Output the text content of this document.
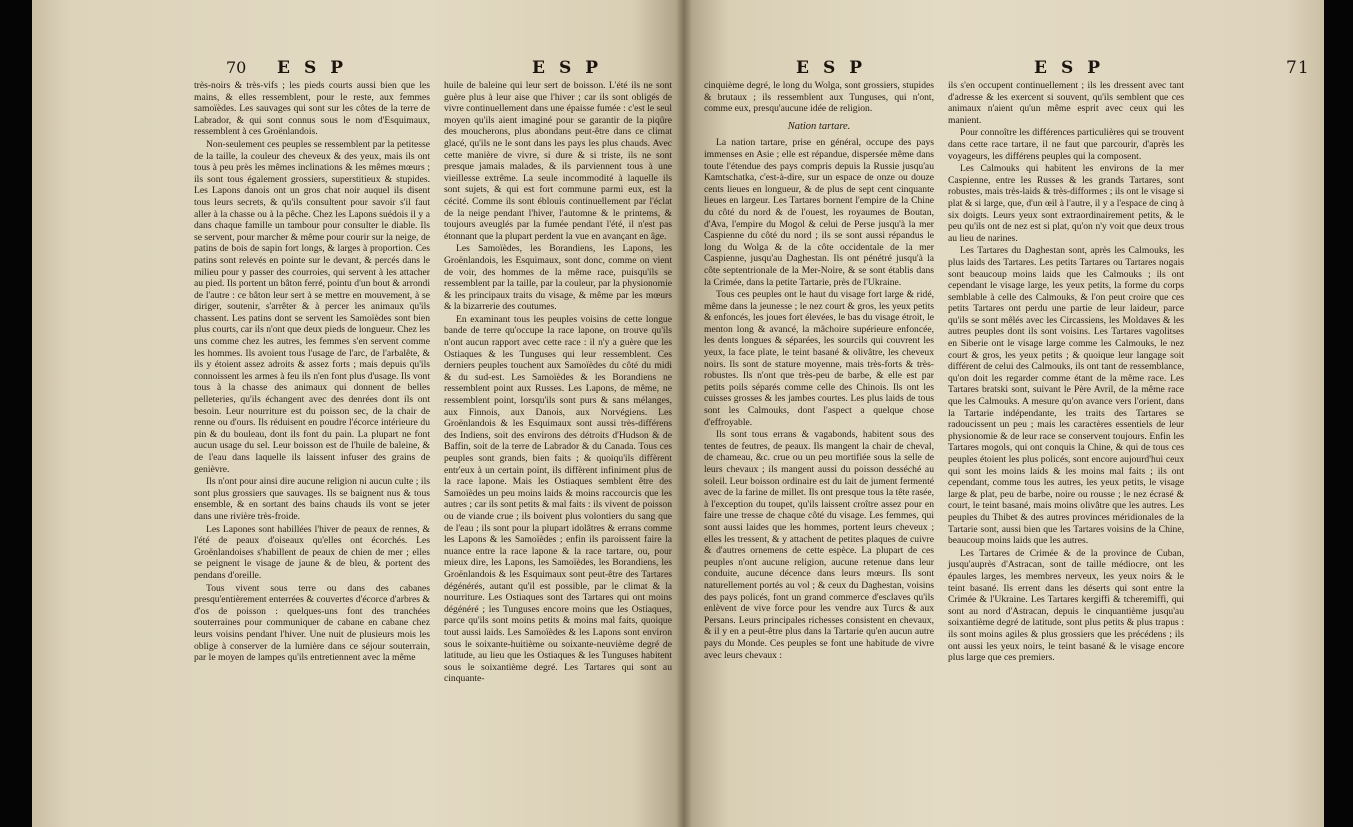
70 ESP	ESP

très-noirs & très-vifs ; les pieds courts aussi bien que les mains, & elles ressemblent, pour le reste, aux femmes samoïèdes. Les sauvages qui sont sur les côtes de la terre de Labrador, & qui sont connus sous le nom d'Esquimaux, ressemblent à ces Groënlandois.

Non-seulement ces peuples se ressemblent par la petitesse de la taille, la couleur des cheveux & des yeux, mais ils ont tous à peu près les mêmes inclinations & les mêmes mœurs ; ils sont tous également grossiers, superstitieux & stupides. Les Lapons danois ont un gros chat noir auquel ils disent tous leurs secrets, & qu'ils consultent pour savoir s'il faut aller à la chasse ou à la pêche. Chez les Lapons suédois il y a dans chaque famille un tambour pour consulter le diable. Ils se servent, pour marcher & même pour courir sur la neige, de patins de bois de sapin fort longs, & larges à proportion. Ces patins sont relevés en pointe sur le devant, & percés dans le milieu pour y passer des courroies, qui servent à les attacher au pied. Ils portent un bâton ferré, pointu d'un bout & arrondi de l'autre : ce bâton leur sert à se mettre en mouvement, à se diriger, soutenir, s'arrêter & à percer les animaux qu'ils chassent. Les patins dont se servent les Samoïèdes sont bien plus courts, car ils n'ont que deux pieds de longueur. Chez les uns comme chez les autres, les femmes s'en servent comme les hommes. Ils avoient tous l'usage de l'arc, de l'arbalête, & ils y étoient assez adroits & assez forts ; mais depuis qu'ils connoissent les armes à feu ils n'en font plus d'usage. Ils vont tous à la chasse des animaux qui donnent de belles pelleteries, qu'ils échangent avec des denrées dont ils ont besoin. Leur nourriture est du poisson sec, de la chair de renne ou d'ours. Ils réduisent en poudre l'écorce intérieure du pin & du bouleau, dont ils font du pain. La plupart ne font aucun usage du sel. Leur boisson est de l'huile de baleine, & de l'eau dans laquelle ils laissent infuser des grains de genièvre.

Ils n'ont pour ainsi dire aucune religion ni aucun culte ; ils sont plus grossiers que sauvages. Ils se baignent nus & tous ensemble, & en sortant des bains chauds ils vont se jeter dans une rivière très-froide.

Les Lapones sont habillées l'hiver de peaux de rennes, & l'été de peaux d'oiseaux qu'elles ont écorchés. Les Groënlandoises s'habillent de peaux de chien de mer ; elles se peignent le visage de jaune & de bleu, & portent des pendans d'oreille.

Tous vivent sous terre ou dans des cabanes presqu'entièrement enterrées & couvertes d'écorce d'arbres & d'os de poisson : quelques-uns font des tranchées souterraines pour communiquer de cabane en cabane chez leurs voisins pendant l'hiver. Une nuit de plusieurs mois les oblige à conserver de la lumière dans ce séjour souterrain, par le moyen de lampes qu'ils entretiennent avec la même

huile de baleine qui leur sert de boisson. L'été ils ne sont guère plus à leur aise que l'hiver ; car ils sont obligés de vivre continuellement dans une épaisse fumée : c'est le seul moyen qu'ils aient imaginé pour se garantir de la piqûre des moucherons, plus abondans peut-être dans ce climat glacé, qu'ils ne le sont dans les pays les plus chauds. Avec cette manière de vivre, si dure & si triste, ils ne sont presque jamais malades, & ils parviennent tous à une vieillesse extrême. La seule incommodité à laquelle ils sont sujets, & qui est fort commune parmi eux, est la cécité. Comme ils sont éblouis continuellement par l'éclat de la neige pendant l'hiver, l'automne & le printems, & toujours aveuglés par la fumée pendant l'été, il n'est pas étonnant que la plupart perdent la vue en avançant en âge.

Les Samoïèdes, les Borandiens, les Lapons, les Groënlandois, les Esquimaux, sont donc, comme on vient de voir, des hommes de la même race, puisqu'ils se ressemblent par la taille, par la couleur, par la physionomie & les principaux traits du visage, & même par les mœurs & la bizarrerie des coutumes.

En examinant tous les peuples voisins de cette longue bande de terre qu'occupe la race lapone, on trouve qu'ils n'ont aucun rapport avec cette race : il n'y a guère que les Ostiaques & les Tunguses qui leur ressemblent. Ces derniers peuples touchent aux Samoïèdes du côté du midi & du sud-est. Les Samoïèdes & les Borandiens ne ressemblent point aux Russes. Les Lapons, de même, ne ressemblent point, lorsqu'ils sont purs & sans mélanges, aux Finnois, aux Danois, aux Norvégiens. Les Groënlandois & les Esquimaux sont aussi très-différens des Indiens, soit des environs des détroits d'Hudson & de Baffin, soit de la terre de Labrador & du Canada. Tous ces peuples sont grands, bien faits ; & quoiqu'ils diffèrent entr'eux à un certain point, ils diffèrent infiniment plus de la race lapone. Mais les Ostiaques semblent être des Samoïèdes un peu moins laids & moins raccourcis que les autres ; car ils sont petits & mal faits : ils vivent de poisson ou de viande crue ; ils boivent plus volontiers du sang que de l'eau ; ils sont pour la plupart idolâtres & errans comme les Lapons & les Samoïèdes ; enfin ils paroissent faire la nuance entre la race lapone & la race tartare, ou, pour mieux dire, les Lapons, les Samoïèdes, les Borandiens, les Groënlandois & les Esquimaux sont peut-être des Tartares dégénérés, autant qu'il est possible, par le climat & la nourriture. Les Ostiaques sont des Tartares qui ont moins dégénéré ; les Tunguses encore moins que les Ostiaques, parce qu'ils sont moins petits & moins mal faits, quoique tout aussi laids. Les Samoïèdes & les Lapons sont environ sous le soixante-huitième ou soixante-neuvième degré de latitude, au lieu que les Ostiaques & les Tunguses habitent sous le soixantième degré. Les Tartares qui sont au cinquante-

ESP	ESP	71

cinquième degré, le long du Wolga, sont grossiers, stupides & brutaux ; ils ressemblent aux Tunguses, qui n'ont, comme eux, presqu'aucune idée de religion.

Nation tartare.

La nation tartare, prise en général, occupe des pays immenses en Asie ; elle est répandue, dispersée même dans toute l'étendue des pays compris depuis la Russie jusqu'au Kamtschatka, c'est-à-dire, sur un espace de onze ou douze cents lieues en longueur, & de plus de sept cent cinquante lieues en largeur. Les Tartares bornent l'empire de la Chine du côté du nord & de l'ouest, les royaumes de Boutan, d'Ava, l'empire du Mogol & celui de Perse jusqu'à la mer Caspienne du côté du nord ; ils se sont aussi répandus le long du Wolga & de la côte occidentale de la mer Caspienne, jusqu'au Daghestan. Ils ont pénétré jusqu'à la côte septentrionale de la Mer-Noire, & se sont établis dans la Crimée, dans la petite Tartarie, près de l'Ukraine.

Tous ces peuples ont le haut du visage fort large & ridé, même dans la jeunesse ; le nez court & gros, les yeux petits & enfoncés, les joues fort élevées, le bas du visage étroit, le menton long & avancé, la mâchoire supérieure enfoncée, les dents longues & séparées, les sourcils qui couvrent les yeux, la face plate, le teint basané & olivâtre, les cheveux noirs. Ils sont de stature moyenne, mais très-forts & très-robustes. Ils n'ont que très-peu de barbe, & elle est par petits poils séparés comme celle des Chinois. Ils ont les cuisses grosses & les jambes courtes. Les plus laids de tous sont les Calmouks, dont l'aspect a quelque chose d'effroyable.

Ils sont tous errans & vagabonds, habitent sous des tentes de feutres, de peaux. Ils mangent la chair de cheval, de chameau, &c. crue ou un peu mortifiée sous la selle de leurs chevaux ; ils mangent aussi du poisson desséché au soleil. Leur boisson ordinaire est du lait de jument fermenté avec de la farine de millet. Ils ont presque tous la tête rasée, à l'exception du toupet, qu'ils laissent croître assez pour en faire une tresse de chaque côté du visage. Les femmes, qui sont aussi laides que les hommes, portent leurs cheveux ; elles les tressent, & y attachent de petites plaques de cuivre & d'autres ornemens de cette espèce. La plupart de ces peuples n'ont aucune religion, aucune retenue dans leur conduite, aucune décence dans leurs mœurs. Ils sont naturellement portés au vol ; & ceux du Daghestan, voisins des pays policés, font un grand commerce d'esclaves qu'ils enlèvent de vive force pour les vendre aux Turcs & aux Persans. Leurs principales richesses consistent en chevaux, & il y en a peut-être plus dans la Tartarie qu'en aucun autre pays du Monde. Ces peuples se font une habitude de vivre avec leurs chevaux :

ils s'en occupent continuellement ; ils les dressent avec tant d'adresse & les exercent si souvent, qu'ils semblent que ces animaux n'aient qu'un même esprit avec ceux qui les manient.

Pour connoître les différences particulières qui se trouvent dans cette race tartare, il ne faut que parcourir, d'après les voyageurs, les différens peuples qui la composent.

Les Calmouks qui habitent les environs de la mer Caspienne, entre les Russes & les grands Tartares, sont robustes, mais très-laids & très-difformes ; ils ont le visage si plat & si large, que, d'un œil à l'autre, il y a l'espace de cinq à six doigts. Leurs yeux sont extraordinairement petits, & le peu qu'ils ont de nez est si plat, qu'on n'y voit que deux trous au lieu de narines.

Les Tartares du Daghestan sont, après les Calmouks, les plus laids des Tartares. Les petits Tartares ou Tartares nogais sont beaucoup moins laids que les Calmouks ; ils ont cependant le visage large, les yeux petits, la forme du corps semblable à celle des Calmouks, & l'on peut croire que ces petits Tartares ont perdu une partie de leur laideur, parce qu'ils se sont mêlés avec les Circassiens, les Moldaves & les autres peuples dont ils sont voisins. Les Tartares vagolitses en Siberie ont le visage large comme les Calmouks, le nez court & gros, les yeux petits ; & quoique leur langage soit différent de celui des Calmouks, ils ont tant de ressemblance, qu'on doit les regarder comme étant de la même race. Les Tartares bratski sont, suivant le Père Avril, de la même race que les Calmouks. A mesure qu'on avance vers l'orient, dans la Tartarie indépendante, les traits des Tartares se radoucissent un peu ; mais les caractères essentiels de leur physionomie & de leur race se conservent toujours. Enfin les Tartares mogols, qui ont conquis la Chine, & qui de tous ces peuples étoient les plus policés, sont encore aujourd'hui ceux qui sont les moins laids & les moins mal faits ; ils ont cependant, comme tous les autres, les yeux petits, le visage large & plat, peu de barbe, noire ou rousse ; le nez écrasé & court, le teint basané, mais moins olivâtre que les autres. Les peuples du Thibet & des autres provinces méridionales de la Tartarie sont, aussi bien que les Tartares voisins de la Chine, beaucoup moins laids que les autres.

Les Tartares de Crimée & de la province de Cuban, jusqu'auprès d'Astracan, sont de taille médiocre, ont les épaules larges, les membres nerveux, les yeux noirs & le teint basané. Ils errent dans les déserts qui sont entre la Crimée & l'Ukraine. Les Tartares kergiffi & tcheremiffi, qui sont au nord d'Astracan, depuis le cinquantième jusqu'au soixantième degré de latitude, sont plus petits & plus trapus : ils sont moins agiles & plus grossiers que les précédens ; ils ont aussi les yeux noirs, le teint basané & le visage encore plus large que ces premiers.
